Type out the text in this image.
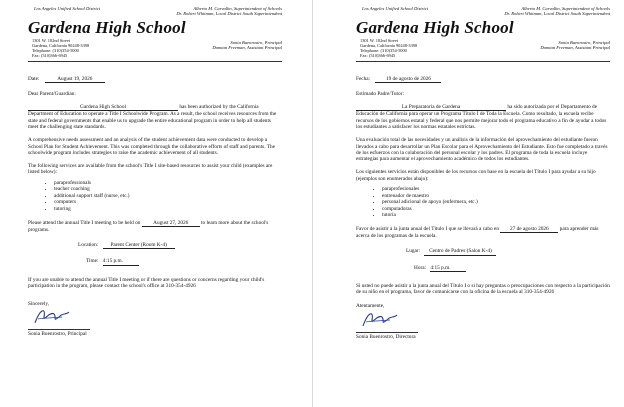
Los Angeles Unified School District	Alberto M. Carvalho, Superintendent of Schools
Dr. Robert Whitman, Local District South Superintendent
Gardena High School
1301 W. 182nd Street
Gardena, California 90248-3398
Telephone: (310)354-5000
Fax: (310)366-6945
Sonia Buenrostro, Principal
Damian Freeman, Assistant Principal
Date:	August 19, 2026
Dear Parent/Guardian:
Gardena High School	has been authorized by the California Department of Education to operate a Title I Schoolwide Program. As a result, the school receives resources from the state and federal governments that enable us to upgrade the entire educational program in order to help all students meet the challenging state standards.
A comprehensive needs assessment and an analysis of the student achievement data were conducted to develop a School Plan for Student Achievement. This was completed through the collaborative efforts of staff and parents. The schoolwide program includes strategies to raise the academic achievement of all students.
The following services are available from the school's Title I site-based resources to assist your child (examples are listed below):
• paraprofessionals
• teacher coaching
• additional support staff (nurse, etc.)
• computers
• tutoring
Please attend the annual Title I meeting to be held on August 27, 2026 to learn more about the school's programs.
Location: Parent Center (Room K-4)
Time: 4:15 p.m.
If you are unable to attend the annual Title I meeting or if there are questions or concerns regarding your child's participation in the program, please contact the school's office at 310-354-4926
Sincerely,
Sonia Buenrostro, Principal
Los Angeles Unified School District	Alberto M. Carvalho, Superintendent of Schools
Dr. Robert Whitman, Local District South Superintendent
Gardena High School
1301 W. 182nd Street
Gardena, California 90248-3398
Telephone: (310)354-5000
Fax: (310)366-6945
Sonia Buenrostro, Principal
Damian Freeman, Assistant Principal
Fecha:	19 de agosto de 2026
Estimado Padre/Tutor:
La Preparatoria de Gardena	ha sido autorizada por el Departamento de Educación de California para operar un Programa Título I de Toda la Escuela. Como resultado, la escuela recibe recursos de los gobiernos estatal y federal que nos permite mejorar todo el programa educativo a fin de ayudar a todos los estudiantes a satisfacer los normas estatales estrictas.
Una evaluación total de las necesidades y un análisis de la información del aprovechamiento del estudiante fueron llevados a cabo para desarrollar un Plan Escolar para el Aprovechamiento del Estudiante. Esto fue completado a través de los esfuerzos con la colaboración del personal escolar y los padres. El programa de toda la escuela incluye estrategias para aumentar el aprovechamiento académico de todos los estudiantes.
Los siguientes servicios están disponibles de los recursos con base en la escuela del Título I para ayudar a su hijo (ejemplos son enumerados abajo):
• paraprofesionales
• entrenador de maestro
• personal adicional de apoyo (enfermera, etc.)
• computadoras
• tutoría
Favor de asistir a la junta anual del Título I que se llevará a cabo en 27 de agosto 2026 para aprender más acerca de los programas de la escuela.
Lugar: Centro de Padres (Salon K-4)
Hora: 4:15 p.m.
Si usted no puede asistir a la junta anual del Título I o si hay preguntas o preocupaciones con respecto a la participación de su niño en el programa, favor de comunicarse con la oficina de la escuela al 310-354-4926
Atentamente,
Sonia Buenrostro, Directora
